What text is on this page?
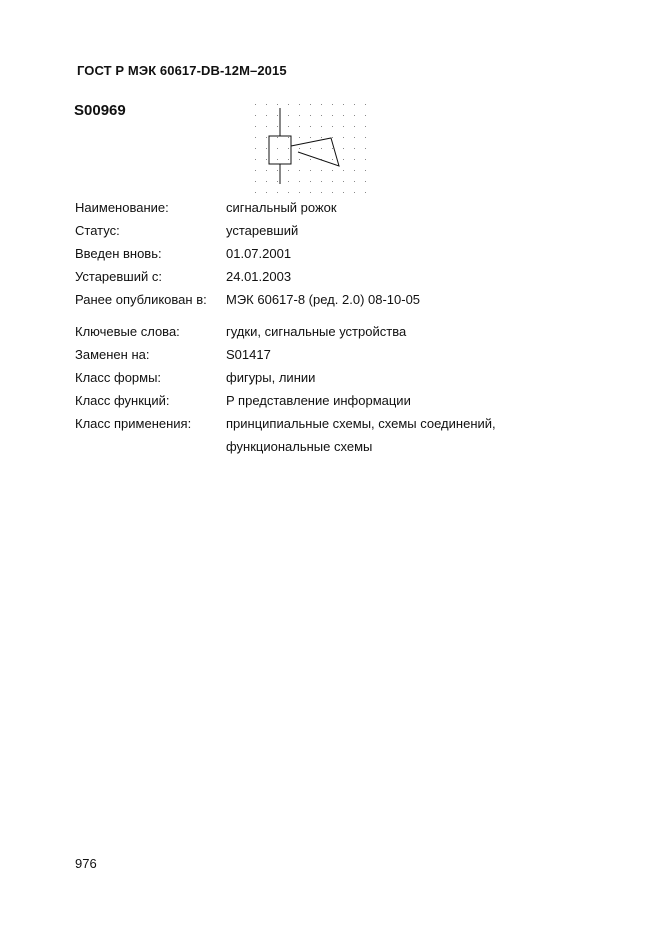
ГОСТ Р МЭК 60617-DB-12M–2015
S00969
Наименование:	сигнальный рожок
Статус:	устаревший
Введен вновь:	01.07.2001
Устаревший с:	24.01.2003
Ранее опубликован в:	МЭК 60617-8 (ред. 2.0) 08-10-05
Ключевые слова:	гудки, сигнальные устройства
Заменен на:	S01417
Класс формы:	фигуры, линии
Класс функций:	P представление информации
Класс применения:	принципиальные схемы, схемы соединений,
функциональные схемы
976
